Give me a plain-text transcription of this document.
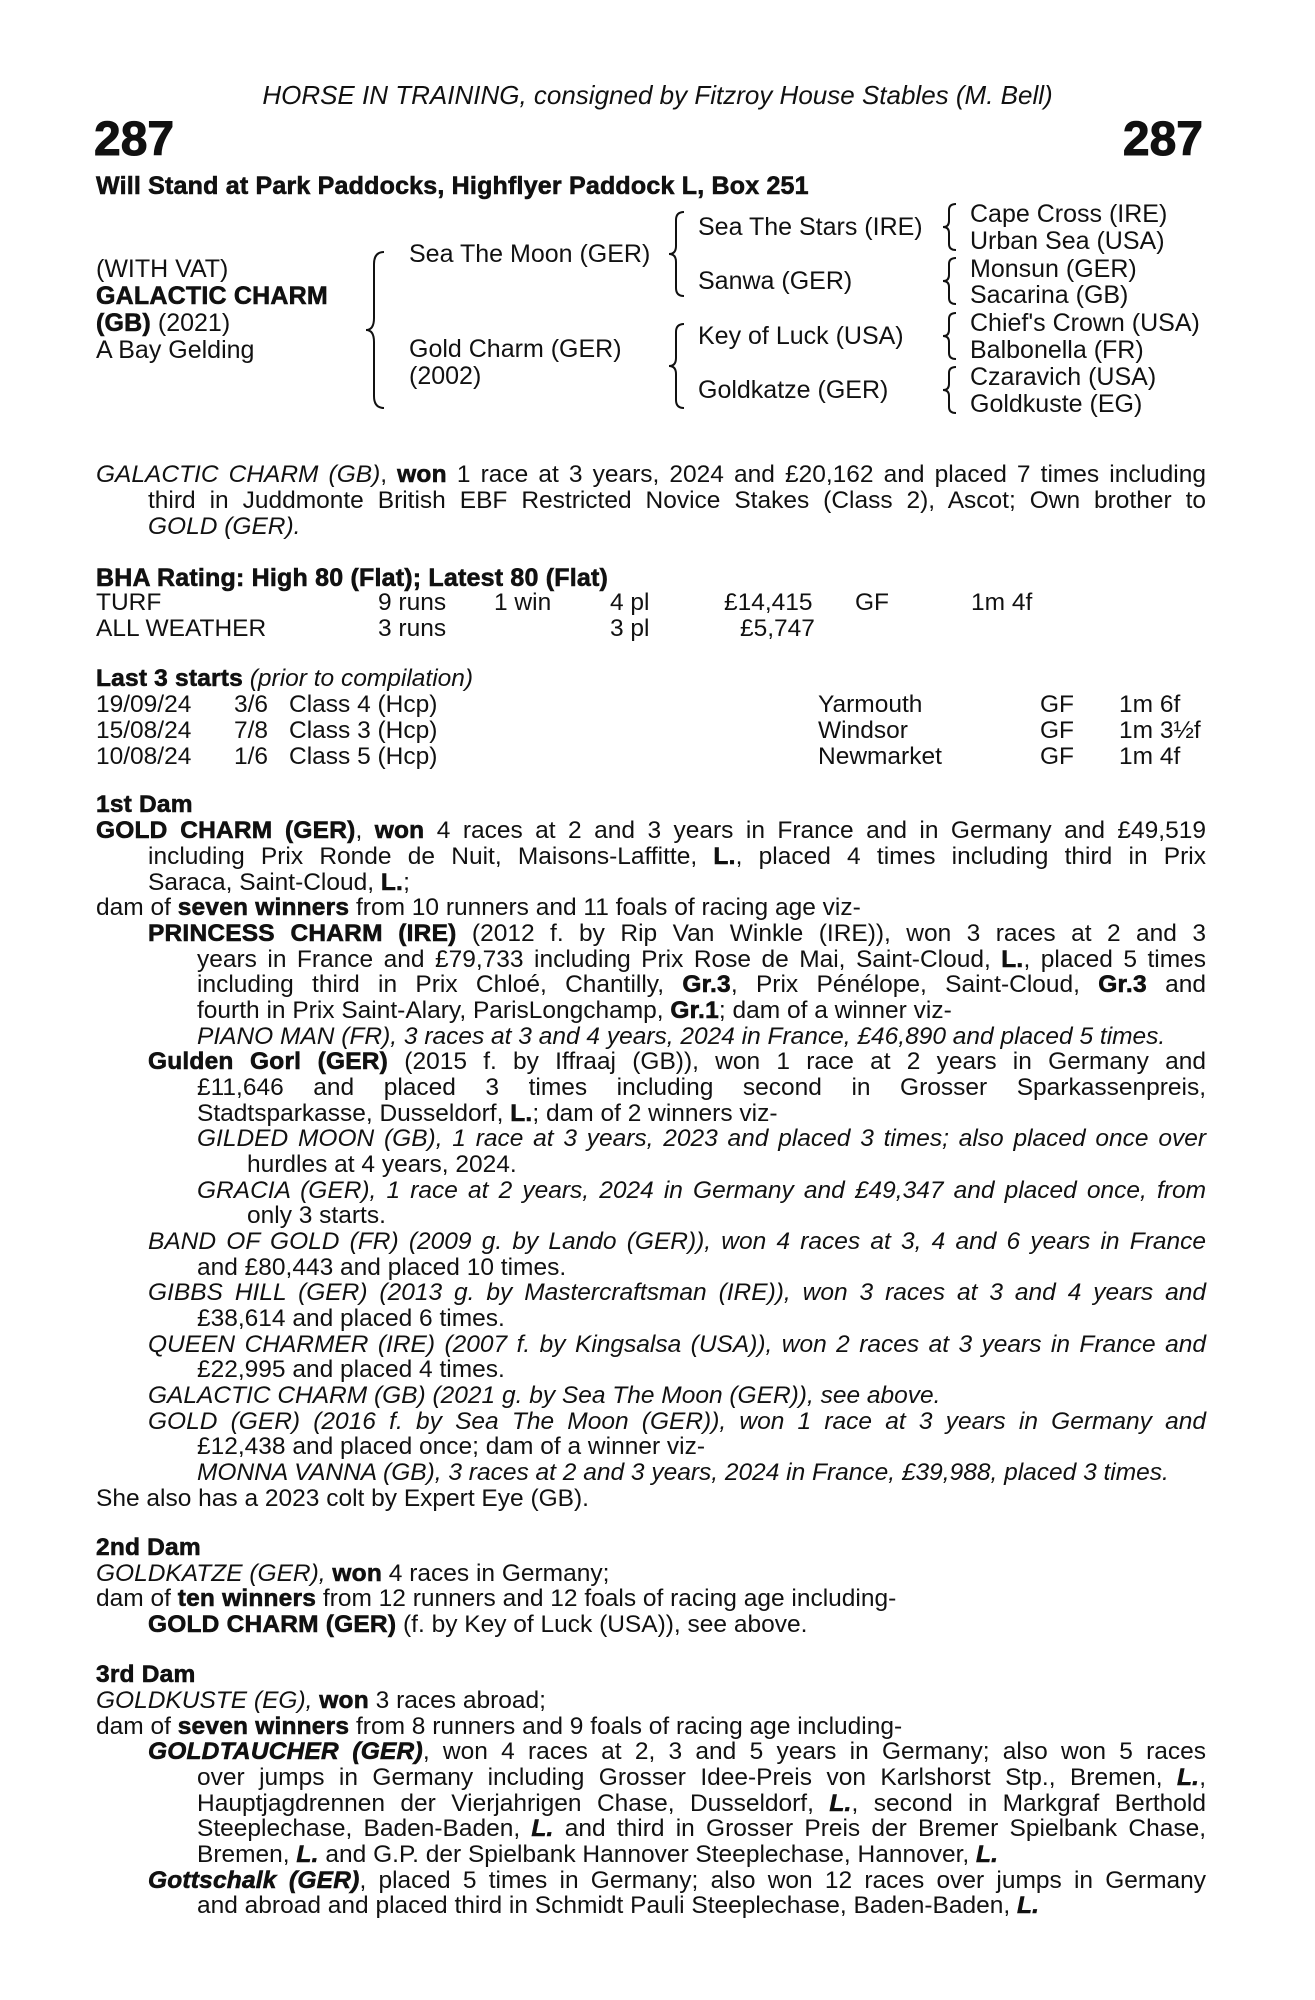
HORSE IN TRAINING, consigned by Fitzroy House Stables (M. Bell)
287	287
Will Stand at Park Paddocks, Highflyer Paddock L, Box 251
(WITH VAT)
GALACTIC CHARM
(GB) (2021)
A Bay Gelding
Sea The Moon (GER)
Gold Charm (GER)
(2002)
Sea The Stars (IRE)
Sanwa (GER)
Key of Luck (USA)
Goldkatze (GER)
Cape Cross (IRE)
Urban Sea (USA)
Monsun (GER)
Sacarina (GB)
Chief's Crown (USA)
Balbonella (FR)
Czaravich (USA)
Goldkuste (EG)
GALACTIC CHARM (GB), won 1 race at 3 years, 2024 and £20,162 and placed 7 times including
third in Juddmonte British EBF Restricted Novice Stakes (Class 2), Ascot; Own brother to
GOLD (GER).
BHA Rating: High 80 (Flat); Latest 80 (Flat)
TURF	9 runs 1 win 4 pl	£14,415 GF	1m 4f
ALL WEATHER	3 runs	3 pl	£5,747
Last 3 starts (prior to compilation)
19/09/24 3/6 Class 4 (Hcp)	Yarmouth	GF 1m 6f
15/08/24 7/8 Class 3 (Hcp)	Windsor	GF 1m 3½f
10/08/24 1/6 Class 5 (Hcp)	Newmarket	GF 1m 4f
1st Dam
GOLD CHARM (GER), won 4 races at 2 and 3 years in France and in Germany and £49,519
including Prix Ronde de Nuit, Maisons-Laffitte, L., placed 4 times including third in Prix
Saraca, Saint-Cloud, L.;
dam of seven winners from 10 runners and 11 foals of racing age viz-
PRINCESS CHARM (IRE) (2012 f. by Rip Van Winkle (IRE)), won 3 races at 2 and 3
years in France and £79,733 including Prix Rose de Mai, Saint-Cloud, L., placed 5 times
including third in Prix Chloé, Chantilly, Gr.3, Prix Pénélope, Saint-Cloud, Gr.3 and
fourth in Prix Saint-Alary, ParisLongchamp, Gr.1; dam of a winner viz-
PIANO MAN (FR), 3 races at 3 and 4 years, 2024 in France, £46,890 and placed 5 times.
Gulden Gorl (GER) (2015 f. by Iffraaj (GB)), won 1 race at 2 years in Germany and
£11,646 and placed 3 times including second in Grosser Sparkassenpreis,
Stadtsparkasse, Dusseldorf, L.; dam of 2 winners viz-
GILDED MOON (GB), 1 race at 3 years, 2023 and placed 3 times; also placed once over
hurdles at 4 years, 2024.
GRACIA (GER), 1 race at 2 years, 2024 in Germany and £49,347 and placed once, from
only 3 starts.
BAND OF GOLD (FR) (2009 g. by Lando (GER)), won 4 races at 3, 4 and 6 years in France
and £80,443 and placed 10 times.
GIBBS HILL (GER) (2013 g. by Mastercraftsman (IRE)), won 3 races at 3 and 4 years and
£38,614 and placed 6 times.
QUEEN CHARMER (IRE) (2007 f. by Kingsalsa (USA)), won 2 races at 3 years in France and
£22,995 and placed 4 times.
GALACTIC CHARM (GB) (2021 g. by Sea The Moon (GER)), see above.
GOLD (GER) (2016 f. by Sea The Moon (GER)), won 1 race at 3 years in Germany and
£12,438 and placed once; dam of a winner viz-
MONNA VANNA (GB), 3 races at 2 and 3 years, 2024 in France, £39,988, placed 3 times.
She also has a 2023 colt by Expert Eye (GB).
2nd Dam
GOLDKATZE (GER), won 4 races in Germany;
dam of ten winners from 12 runners and 12 foals of racing age including-
GOLD CHARM (GER) (f. by Key of Luck (USA)), see above.
3rd Dam
GOLDKUSTE (EG), won 3 races abroad;
dam of seven winners from 8 runners and 9 foals of racing age including-
GOLDTAUCHER (GER), won 4 races at 2, 3 and 5 years in Germany; also won 5 races
over jumps in Germany including Grosser Idee-Preis von Karlshorst Stp., Bremen, L.,
Hauptjagdrennen der Vierjahrigen Chase, Dusseldorf, L., second in Markgraf Berthold
Steeplechase, Baden-Baden, L. and third in Grosser Preis der Bremer Spielbank Chase,
Bremen, L. and G.P. der Spielbank Hannover Steeplechase, Hannover, L.
Gottschalk (GER), placed 5 times in Germany; also won 12 races over jumps in Germany
and abroad and placed third in Schmidt Pauli Steeplechase, Baden-Baden, L.
